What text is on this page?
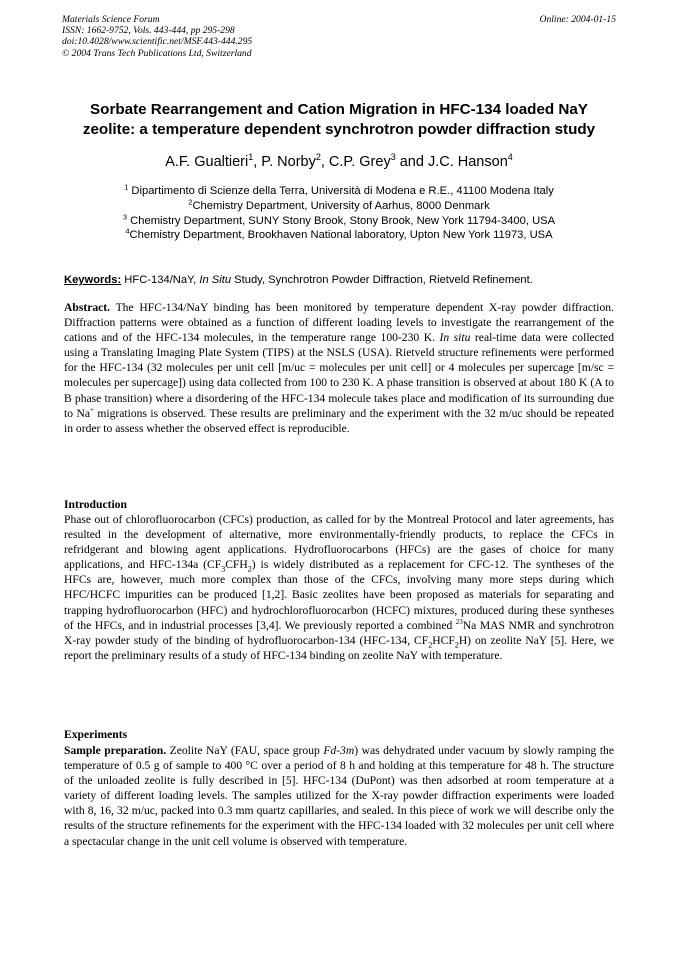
Materials Science Forum
ISSN: 1662-9752, Vols. 443-444, pp 295-298
doi:10.4028/www.scientific.net/MSF.443-444.295
© 2004 Trans Tech Publications Ltd, Switzerland
Online: 2004-01-15
Sorbate Rearrangement and Cation Migration in HFC-134 loaded NaY
zeolite: a temperature dependent synchrotron powder diffraction study
A.F. Gualtieri$^1$, P. Norby$^2$, C.P. Grey$^3$ and J.C. Hanson$^4$
$^1$ Dipartimento di Scienze della Terra, Università di Modena e R.E., 41100 Modena Italy
$^2$Chemistry Department, University of Aarhus, 8000 Denmark
$^3$ Chemistry Department, SUNY Stony Brook, Stony Brook, New York 11794-3400, USA
$^4$Chemistry Department, Brookhaven National laboratory, Upton New York 11973, USA
Keywords: HFC-134/NaY, In Situ Study, Synchrotron Powder Diffraction, Rietveld Refinement.

Abstract. The HFC-134/NaY binding has been monitored by temperature dependent X-ray powder diffraction. Diffraction patterns were obtained as a function of different loading levels to investigate the rearrangement of the cations and of the HFC-134 molecules, in the temperature range 100-230 K. In situ real-time data were collected using a Translating Imaging Plate System (TIPS) at the NSLS (USA). Rietveld structure refinements were performed for the HFC-134 (32 molecules per unit cell [m/uc = molecules per unit cell] or 4 molecules per supercage [m/sc = molecules per supercage]) using data collected from 100 to 230 K. A phase transition is observed at about 180 K (A to B phase transition) where a disordering of the HFC-134 molecule takes place and modification of its surrounding due to Na+ migrations is observed. These results are preliminary and the experiment with the 32 m/uc should be repeated in order to assess whether the observed effect is reproducible.

Introduction

Phase out of chlorofluorocarbon (CFCs) production, as called for by the Montreal Protocol and later agreements, has resulted in the development of alternative, more environmentally-friendly products, to replace the CFCs in refridgerant and blowing agent applications. Hydrofluorocarbons (HFCs) are the gases of choice for many applications, and HFC-134a $(CF_3CFH_2)$ is widely distributed as a replacement for CFC-12. The syntheses of the HFCs are, however, much more complex than those of the CFCs, involving many more steps during which HFC/HCFC impurities can be produced [1,2]. Basic zeolites have been proposed as materials for separating and trapping hydrofluorocarbon (HFC) and hydrochlorofluorocarbon (HCFC) mixtures, produced during these syntheses of the HFCs, and in industrial processes [3,4]. We previously reported a combined $^{23}$Na MAS NMR and synchrotron X-ray powder study of the binding of hydrofluorocarbon-134 (HFC-134, $CF_2HCF_2H$) on zeolite NaY [5]. Here, we report the preliminary results of a study of HFC-134 binding on zeolite NaY with temperature.

Experiments

Sample preparation. Zeolite NaY (FAU, space group Fd-3m) was dehydrated under vacuum by slowly ramping the temperature of 0.5 g of sample to 400 °C over a period of 8 h and holding at this temperature for 48 h. The structure of the unloaded zeolite is fully described in [5]. HFC-134 (DuPont) was then adsorbed at room temperature at a variety of different loading levels. The samples utilized for the X-ray powder diffraction experiments were loaded with 8, 16, 32 m/uc, packed into 0.3 mm quartz capillaries, and sealed. In this piece of work we will describe only the results of the structure refinements for the experiment with the HFC-134 loaded with 32 molecules per unit cell where a spectacular change in the unit cell volume is observed with temperature.
